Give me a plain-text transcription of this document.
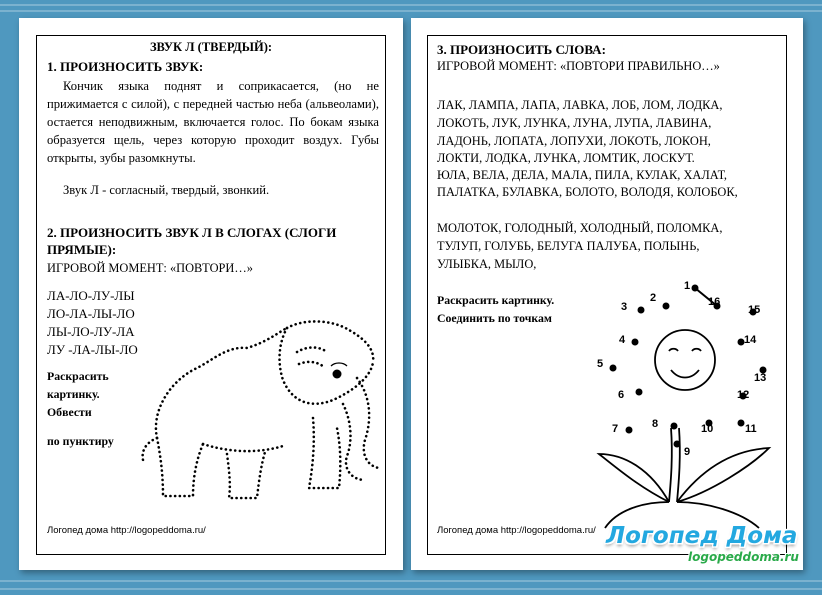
ЗВУК Л (ТВЕРДЫЙ):
1. ПРОИЗНОСИТЬ ЗВУК:
Кончик языка поднят и соприкасается, (но не прижимается с силой), с передней частью неба (альвеолами), остается неподвижным, включается голос. По бокам языка образуется щель, через которую проходит воздух. Губы открыты, зубы разомкнуты.
Звук Л - согласный, твердый, звонкий.
2. ПРОИЗНОСИТЬ ЗВУК Л В СЛОГАХ (СЛОГИ
ПРЯМЫЕ):
ИГРОВОЙ МОМЕНТ: «ПОВТОРИ…»
ЛА-ЛО-ЛУ-ЛЫ
ЛО-ЛА-ЛЫ-ЛО
ЛЫ-ЛО-ЛУ-ЛА
ЛУ -ЛА-ЛЫ-ЛО
Раскрасить
картинку.
Обвести
по пунктиру
Логопед дома http://logopeddoma.ru/
3. ПРОИЗНОСИТЬ СЛОВА:
ИГРОВОЙ МОМЕНТ: «ПОВТОРИ ПРАВИЛЬНО…»
ЛАК, ЛАМПА, ЛАПА, ЛАВКА, ЛОБ, ЛОМ, ЛОДКА,
ЛОКОТЬ, ЛУК, ЛУНКА, ЛУНА, ЛУПА, ЛАВИНА,
ЛАДОНЬ, ЛОПАТА, ЛОПУХИ, ЛОКОТЬ, ЛОКОН,
ЛОКТИ, ЛОДКА, ЛУНКА, ЛОМТИК, ЛОСКУТ.
ЮЛА, ВЕЛА, ДЕЛА, МАЛА, ПИЛА, КУЛАК, ХАЛАТ,
ПАЛАТКА, БУЛАВКА, БОЛОТО, ВОЛОДЯ, КОЛОБОК,
МОЛОТОК, ГОЛОДНЫЙ, ХОЛОДНЫЙ, ПОЛОМКА,
ТУЛУП, ГОЛУБЬ, БЕЛУГА ПАЛУБА, ПОЛЫНЬ,
УЛЫБКА, МЫЛО,
Раскрасить картинку.
Соединить по точкам
1
2
3
4
5
6
7	8
9
10	11
12
13
14
15
16
Логопед дома http://logopeddoma.ru/ Логопед Дома
logopeddoma.ru
